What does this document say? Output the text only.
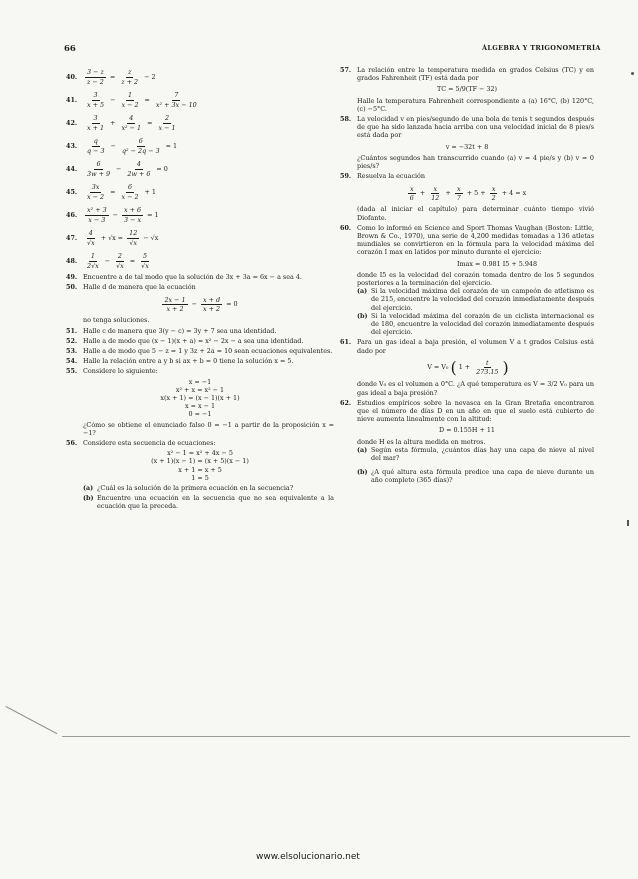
66	ÁLGEBRA Y TRIGONOMETRÍA
40.	$\frac{3 - z}{z - 2} = \frac{z}{z + 2} - 2$
41.	$\frac{3}{x + 5} - \frac{1}{x - 2} = \frac{7}{\text{x² + 3x − 10}}$
42.	$\frac{3}{x + 1} + \frac{4}{\text{x² − 1}} = \frac{2}{x - 1}$
43.	$\frac{q}{q - 3} - \frac{6}{\text{q² − 2q − 3}} = 1$
44.	$\frac{6}{3w + 9} - \frac{4}{2w + 6} = 0$
45.	$\frac{3x}{x - 2} = \frac{6}{x - 2} + 1$
46.	$\frac{\text{x² + 3}}{x - 3} - \frac{x + 6}{3 - x} = 1$
47.	$\frac{4}{√x} + √x = \frac{12}{√x} - √x$
48.	$\frac{1}{2√x} - \frac{2}{√x} = \frac{5}{√x}$
49. Encuentre a de tal modo que la solución de 3x + 3a = 6x − a sea 4.
50. Halle d de manera que la ecuación
$\frac{2x - 1}{x + 2} - \frac{x + d}{x + 2} = 0$
no tenga soluciones.
51. Halle c de manera que 3(y − c) = 3y + 7 sea una identidad.
52. Halle a de modo que (x − 1)(x + a) = x² − 2x − a sea una identidad.
53. Halle a de modo que 5 − z = 1 y 3z + 2a = 10 sean ecuaciones equivalentes.
54. Halle la relación entre a y b si ax + b = 0 tiene la solución x = 5.
55. Considere lo siguiente:
x = −1
x² + x = x² − 1
x(x + 1) = (x − 1)(x + 1)
x = x − 1
0 = −1
¿Cómo se obtiene el enunciado falso 0 = −1 a partir de la proposición x = −1?
56. Considere esta secuencia de ecuaciones:
x² − 1 = x² + 4x − 5
(x + 1)(x − 1) = (x + 5)(x − 1)
x + 1 = x + 5
1 = 5
(a) ¿Cuál es la solución de la primera ecuación en la secuencia?
(b) Encuentre una ecuación en la secuencia que no sea equivalente a la ecuación que la preceda.
57. La relación entre la temperatura medida en grados Celsius (TC) y en grados Fahrenheit (TF) está dada por
TC = 5/9(TF − 32)
Halle la temperatura Fahrenheit correspondiente a (a) 16°C, (b) 120°C, (c) −5°C.
58. La velocidad v en pies/segundo de una bola de tenis t segundos después de que ha sido lanzada hacia arriba con una velocidad inicial de 8 pies/s está dada por
v = −32t + 8
¿Cuántos segundos han transcurrido cuando (a) v = 4 pie/s y (b) v = 0 pies/s?
59. Resuelva la ecuación
$\frac{x}{6} + \frac{x}{12} + \frac{x}{7} + 5 + \frac{x}{2} + 4 = x$
(dada al iniciar el capítulo) para determinar cuánto tiempo vivió Diofante.
60. Como lo informó en Science and Sport Thomas Vaughan (Boston: Little, Brown & Co., 1970), una serie de 4,200 medidas tomadas a 136 atletas mundiales se convirtieron en la fórmula para la velocidad máxima del corazón I max en latidos por minuto durante el ejercicio:
Imax = 0.981 I5 + 5.948
donde I5 es la velocidad del corazón tomada dentro de los 5 segundos posteriores a la terminación del ejercicio.
(a) Si la velocidad máxima del corazón de un campeón de atletismo es de 215, encuentre la velocidad del corazón inmediatamente después del ejercicio.
(b) Si la velocidad máxima del corazón de un ciclista internacional es de 180, encuentre la velocidad del corazón inmediatamente después del ejercicio.
61. Para un gas ideal a baja presión, el volumen V a t grados Celsius está dado por
V = V₀ ( $1 + \frac{t}{273.15}$ )
donde V₀ es el volumen a 0°C. ¿A qué temperatura es V = 3/2 V₀ para un gas ideal a baja presión?
62. Estudios empíricos sobre la nevasca en la Gran Bretaña encontraron que el número de días D en un año en que el suelo está cubierto de nieve aumenta linealmente con la altitud:
D = 0.155H + 11
donde H es la altura medida en metros.
(a) Según esta fórmula, ¿cuántos días hay una capa de nieve al nivel del mar?
(b) ¿A qué altura esta fórmula predice una capa de nieve durante un año completo (365 días)?
www.elsolucionario.net
